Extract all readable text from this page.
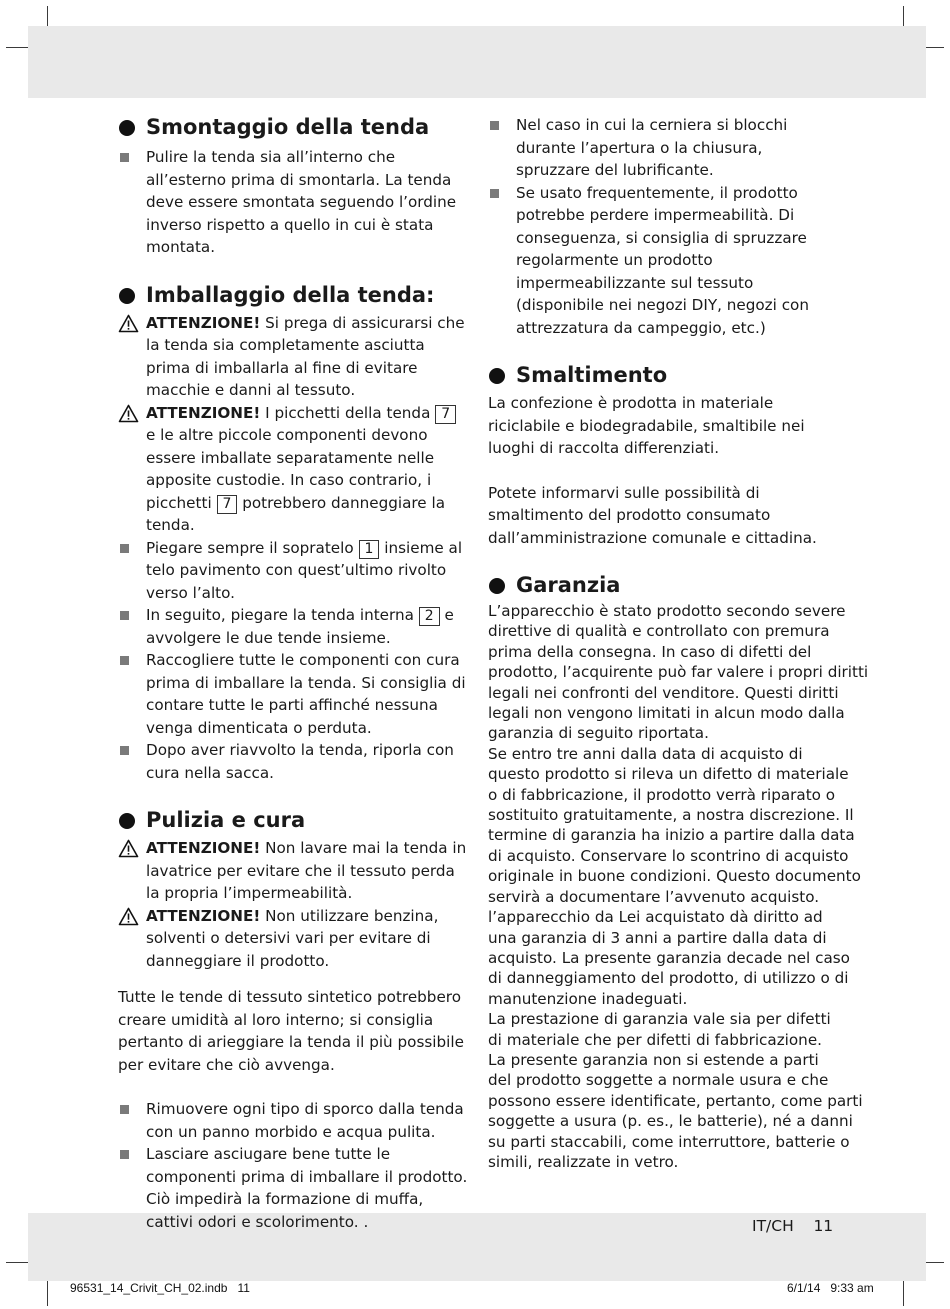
Smontaggio della tenda
Pulire la tenda sia all’interno che all’esterno prima di smontarla. La tenda deve essere smontata seguendo l’ordine inverso rispetto a quello in cui è stata montata.
Imballaggio della tenda:
ATTENZIONE! Si prega di assicurarsi che la tenda sia completamente asciutta prima di imballarla al fine di evitare macchie e danni al tessuto.
ATTENZIONE! I picchetti della tenda 7 e le altre piccole componenti devono essere imballate separatamente nelle apposite custodie. In caso contrario, i picchetti 7 potrebbero danneggiare la tenda.
Piegare sempre il sopratelo 1 insieme al telo pavimento con quest’ultimo rivolto verso l’alto.
In seguito, piegare la tenda interna 2 e avvolgere le due tende insieme.
Raccogliere tutte le componenti con cura prima di imballare la tenda. Si consiglia di contare tutte le parti affinché nessuna venga dimenticata o perduta.
Dopo aver riavvolto la tenda, riporla con cura nella sacca.
Pulizia e cura
ATTENZIONE! Non lavare mai la tenda in lavatrice per evitare che il tessuto perda la propria l’impermeabilità.
ATTENZIONE! Non utilizzare benzina, solventi o detersivi vari per evitare di danneggiare il prodotto.

Tutte le tende di tessuto sintetico potrebbero creare umidità al loro interno; si consiglia pertanto di arieggiare la tenda il più possibile per evitare che ciò avvenga.

Rimuovere ogni tipo di sporco dalla tenda con un panno morbido e acqua pulita.
Lasciare asciugare bene tutte le componenti prima di imballare il prodotto. Ciò impedirà la formazione di muffa, cattivi odori e scolorimento. .
Nel caso in cui la cerniera si blocchi durante l’apertura o la chiusura, spruzzare del lubrificante.
Se usato frequentemente, il prodotto potrebbe perdere impermeabilità. Di conseguenza, si consiglia di spruzzare regolarmente un prodotto impermeabilizzante sul tessuto (disponibile nei negozi DIY, negozi con attrezzatura da campeggio, etc.)
Smaltimento

La confezione è prodotta in materiale riciclabile e biodegradabile, smaltibile nei luoghi di raccolta differenziati.

Potete informarvi sulle possibilità di smaltimento del prodotto consumato dall’amministrazione comunale e cittadina.

Garanzia
L’apparecchio è stato prodotto secondo severe
direttive di qualità e controllato con premura
prima della consegna. In caso di difetti del
prodotto, l’acquirente può far valere i propri diritti
legali nei confronti del venditore. Questi diritti
legali non vengono limitati in alcun modo dalla
garanzia di seguito riportata.
Se entro tre anni dalla data di acquisto di
questo prodotto si rileva un difetto di materiale
o di fabbricazione, il prodotto verrà riparato o
sostituito gratuitamente, a nostra discrezione. Il
termine di garanzia ha inizio a partire dalla data
di acquisto. Conservare lo scontrino di acquisto
originale in buone condizioni. Questo documento
servirà a documentare l’avvenuto acquisto.
l’apparecchio da Lei acquistato dà diritto ad
una garanzia di 3 anni a partire dalla data di
acquisto. La presente garanzia decade nel caso
di danneggiamento del prodotto, di utilizzo o di
manutenzione inadeguati.
La prestazione di garanzia vale sia per difetti
di materiale che per difetti di fabbricazione.
La presente garanzia non si estende a parti
del prodotto soggette a normale usura e che
possono essere identificate, pertanto, come parti
soggette a usura (p. es., le batterie), né a danni
su parti staccabili, come interruttore, batterie o
simili, realizzate in vetro.
IT/CH    11
96531_14_Crivit_CH_02.indb   11	6/1/14   9:33 am
